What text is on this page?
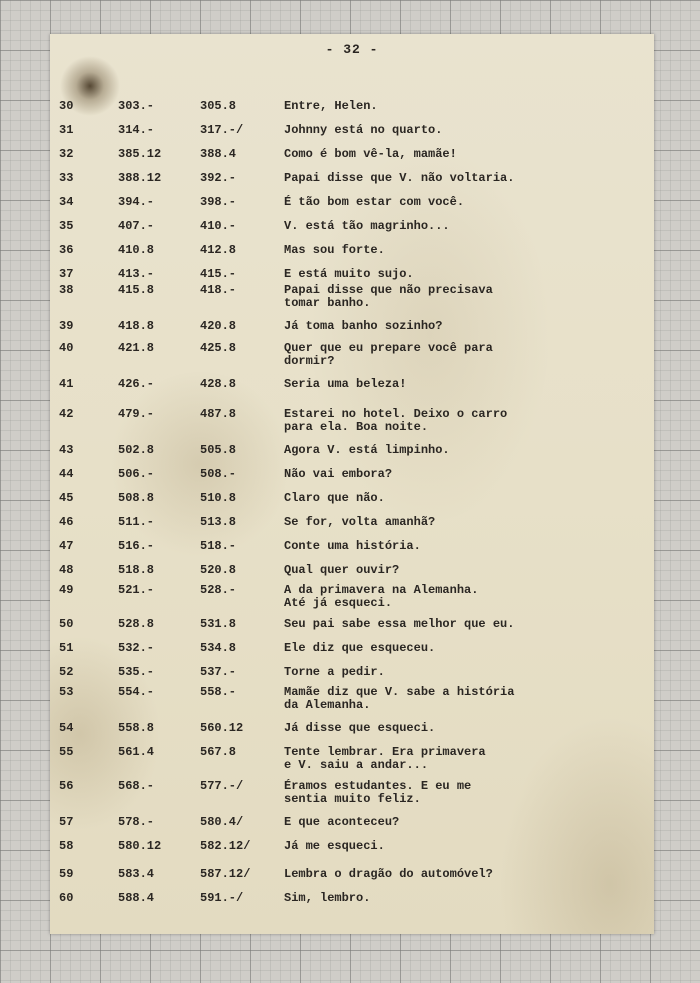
- 32 -
30	303.-	305.8	Entre, Helen.
31	314.-	317.-/	Johnny está no quarto.
32	385.12	388.4	Como é bom vê-la, mamãe!
33	388.12	392.-	Papai disse que V. não voltaria.
34	394.-	398.-	É tão bom estar com você.
35	407.-	410.-	V. está tão magrinho...
36	410.8	412.8	Mas sou forte.
37	413.-	415.-	E está muito sujo.
38	415.8	418.-	Papai disse que não precisava
tomar banho.
39	418.8	420.8	Já toma banho sozinho?
40	421.8	425.8	Quer que eu prepare você para
dormir?
41	426.-	428.8	Seria uma beleza!
42	479.-	487.8	Estarei no hotel. Deixo o carro
para ela. Boa noite.
43	502.8	505.8	Agora V. está limpinho.
44	506.-	508.-	Não vai embora?
45	508.8	510.8	Claro que não.
46	511.-	513.8	Se for, volta amanhã?
47	516.-	518.-	Conte uma história.
48	518.8	520.8	Qual quer ouvir?
49	521.-	528.-	A da primavera na Alemanha.
Até já esqueci.
50	528.8	531.8	Seu pai sabe essa melhor que eu.
51	532.-	534.8	Ele diz que esqueceu.
52	535.-	537.-	Torne a pedir.
53	554.-	558.-	Mamãe diz que V. sabe a história
da Alemanha.
54	558.8	560.12	Já disse que esqueci.
55	561.4	567.8	Tente lembrar. Era primavera
e V. saiu a andar...
56	568.-	577.-/	Éramos estudantes. E eu me
sentia muito feliz.
57	578.-	580.4/	E que aconteceu?
58	580.12	582.12/	Já me esqueci.
59	583.4	587.12/	Lembra o dragão do automóvel?
60	588.4	591.-/	Sim, lembro.
